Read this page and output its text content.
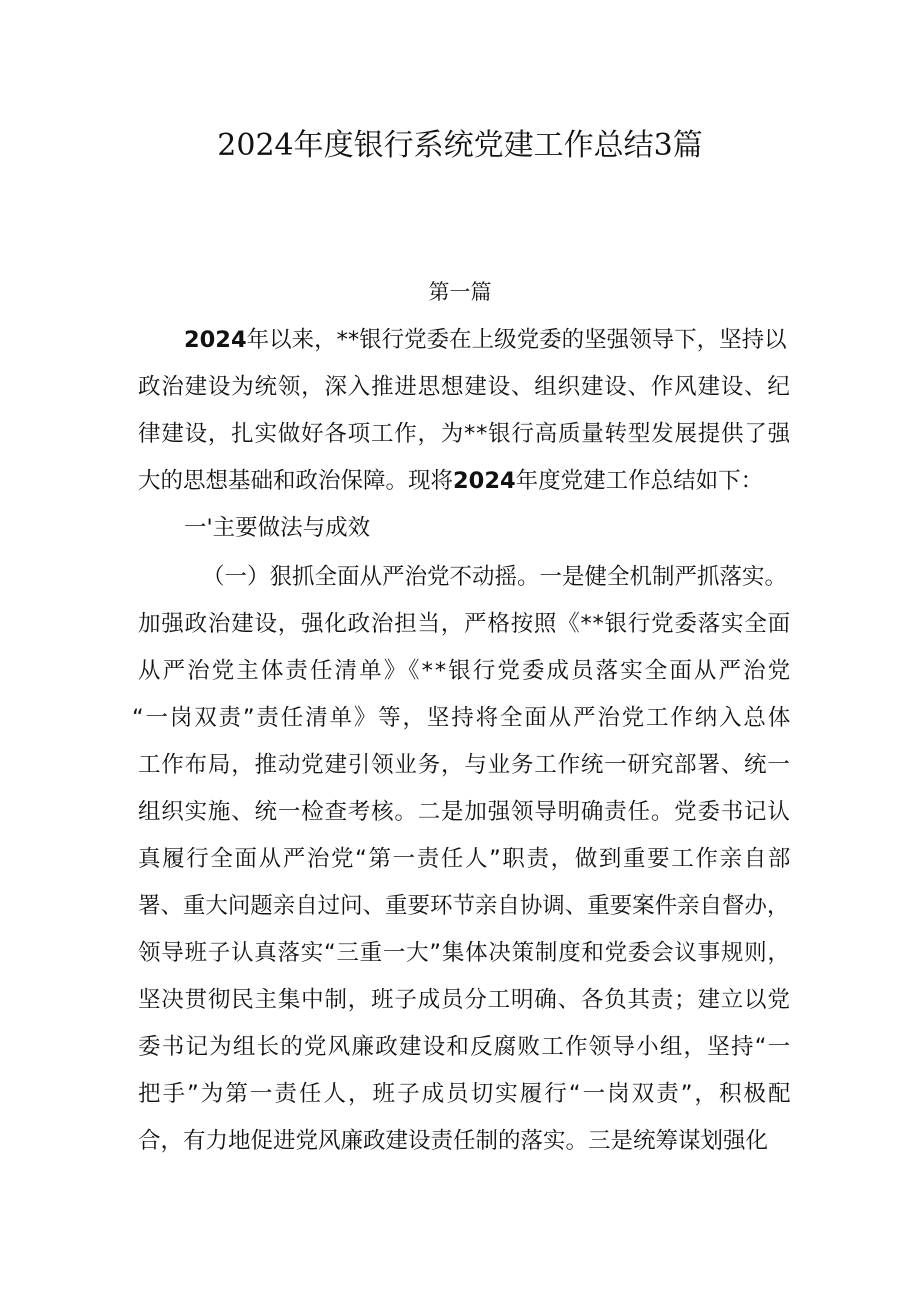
2024年度银行系统党建工作总结3篇
第一篇
2024年以来，**银行党委在上级党委的坚强领导下，坚持以
政治建设为统领，深入推进思想建设、组织建设、作风建设、纪
律建设，扎实做好各项工作，为**银行高质量转型发展提供了强
大的思想基础和政治保障。现将2024年度党建工作总结如下：
一'主要做法与成效
（一）狠抓全面从严治党不动摇。一是健全机制严抓落实。
加强政治建设，强化政治担当，严格按照《**银行党委落实全面
从严治党主体责任清单》《**银行党委成员落实全面从严治党
“一岗双责”责任清单》等，坚持将全面从严治党工作纳入总体
工作布局，推动党建引领业务，与业务工作统一研究部署、统一
组织实施、统一检查考核。二是加强领导明确责任。党委书记认
真履行全面从严治党“第一责任人”职责，做到重要工作亲自部
署、重大问题亲自过问、重要环节亲自协调、重要案件亲自督办，
领导班子认真落实“三重一大”集体决策制度和党委会议事规则，
坚决贯彻民主集中制，班子成员分工明确、各负其责；建立以党
委书记为组长的党风廉政建设和反腐败工作领导小组，坚持“一
把手”为第一责任人，班子成员切实履行“一岗双责”，积极配
合，有力地促进党风廉政建设责任制的落实。三是统筹谋划强化
